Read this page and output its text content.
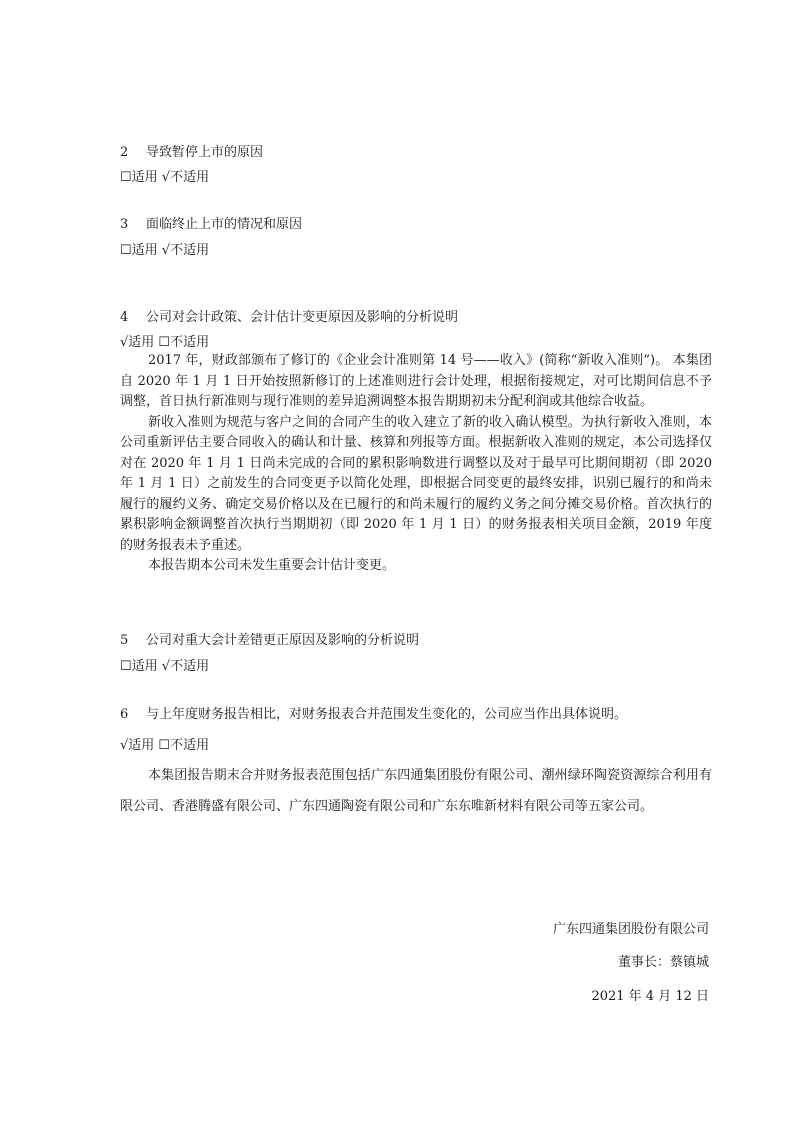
2 导致暂停上市的原因
☐适用 √不适用
3 面临终止上市的情况和原因
☐适用 √不适用
4 公司对会计政策、会计估计变更原因及影响的分析说明
√适用 ☐不适用

2017 年，财政部颁布了修订的《企业会计准则第 14 号——收入》(简称“新收入准则”)。 本集团自 2020 年 1 月 1 日开始按照新修订的上述准则进行会计处理，根据衔接规定，对可比期间信息不予调整，首日执行新准则与现行准则的差异追溯调整本报告期期初未分配利润或其他综合收益。

新收入准则为规范与客户之间的合同产生的收入建立了新的收入确认模型。为执行新收入准则，本公司重新评估主要合同收入的确认和计量、核算和列报等方面。根据新收入准则的规定，本公司选择仅对在 2020 年 1 月 1 日尚未完成的合同的累积影响数进行调整以及对于最早可比期间期初（即 2020 年 1 月 1 日）之前发生的合同变更予以简化处理，即根据合同变更的最终安排，识别已履行的和尚未履行的履约义务、确定交易价格以及在已履行的和尚未履行的履约义务之间分摊交易价格。首次执行的累积影响金额调整首次执行当期期初（即 2020 年 1 月 1 日）的财务报表相关项目金额，2019 年度的财务报表未予重述。

本报告期本公司未发生重要会计估计变更。

5 公司对重大会计差错更正原因及影响的分析说明
☐适用 √不适用
6 与上年度财务报告相比，对财务报表合并范围发生变化的，公司应当作出具体说明。
√适用 ☐不适用

本集团报告期末合并财务报表范围包括广东四通集团股份有限公司、潮州绿环陶瓷资源综合利用有限公司、香港腾盛有限公司、广东四通陶瓷有限公司和广东东唯新材料有限公司等五家公司。

广东四通集团股份有限公司
董事长：蔡镇城
2021 年 4 月 12 日
